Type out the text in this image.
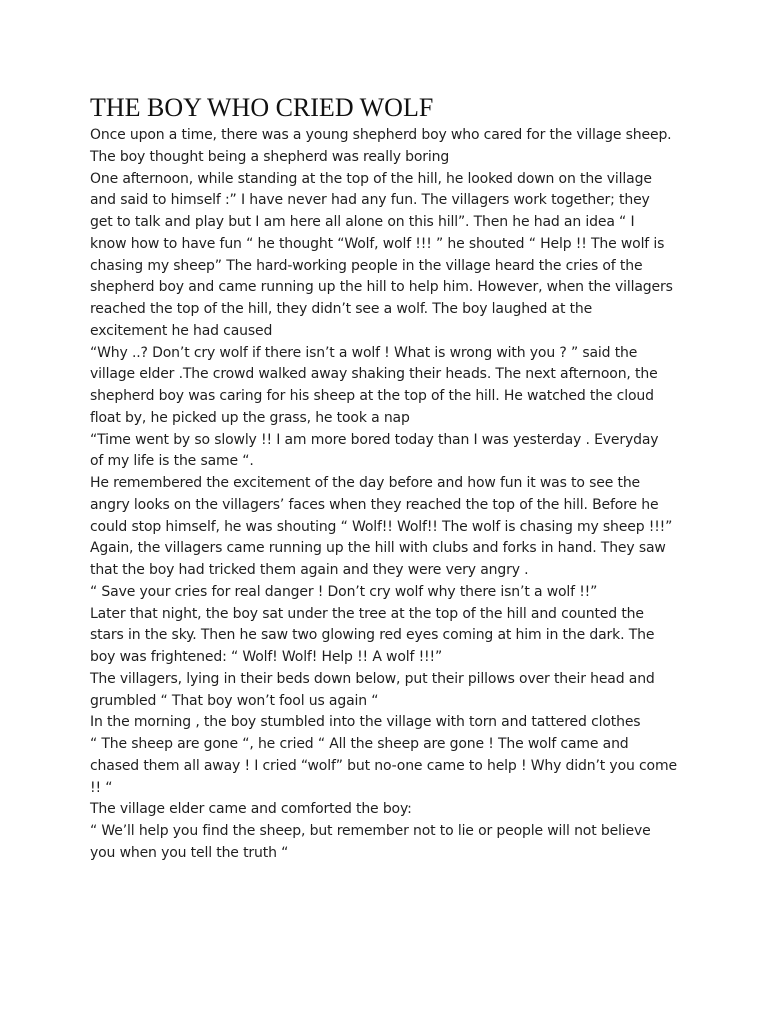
THE BOY WHO CRIED WOLF
Once upon a time, there was a young shepherd boy who cared for the village sheep.
The boy thought being a shepherd was really boring
One afternoon, while standing at the top of the hill, he looked down on the village
and said to himself :” I have never had any fun. The villagers work together; they
get to talk and play but I am here all alone on this hill”. Then he had an idea “ I
know how to have fun “ he thought “Wolf, wolf !!! ” he shouted “ Help !! The wolf is
chasing my sheep” The hard-working people in the village heard the cries of the
shepherd boy and came running up the hill to help him. However, when the villagers
reached the top of the hill, they didn’t see a wolf. The boy laughed at the
excitement he had caused
“Why ..? Don’t cry wolf if there isn’t a wolf ! What is wrong with you ? ” said the
village elder .The crowd walked away shaking their heads. The next afternoon, the
shepherd boy was caring for his sheep at the top of the hill. He watched the cloud
float by, he picked up the grass, he took a nap
“Time went by so slowly !! I am more bored today than I was yesterday . Everyday
of my life is the same “.
He remembered the excitement of the day before and how fun it was to see the
angry looks on the villagers’ faces when they reached the top of the hill. Before he
could stop himself, he was shouting “ Wolf!! Wolf!! The wolf is chasing my sheep !!!”
Again, the villagers came running up the hill with clubs and forks in hand. They saw
that the boy had tricked them again and they were very angry .
“ Save your cries for real danger ! Don’t cry wolf why there isn’t a wolf !!”
Later that night, the boy sat under the tree at the top of the hill and counted the
stars in the sky. Then he saw two glowing red eyes coming at him in the dark. The
boy was frightened: “ Wolf! Wolf! Help !! A wolf !!!”
The villagers, lying in their beds down below, put their pillows over their head and
grumbled “ That boy won’t fool us again “
In the morning , the boy stumbled into the village with torn and tattered clothes
“ The sheep are gone “, he cried “ All the sheep are gone ! The wolf came and
chased them all away ! I cried “wolf” but no-one came to help ! Why didn’t you come
!! “
The village elder came and comforted the boy:
“ We’ll help you find the sheep, but remember not to lie or people will not believe
you when you tell the truth “
